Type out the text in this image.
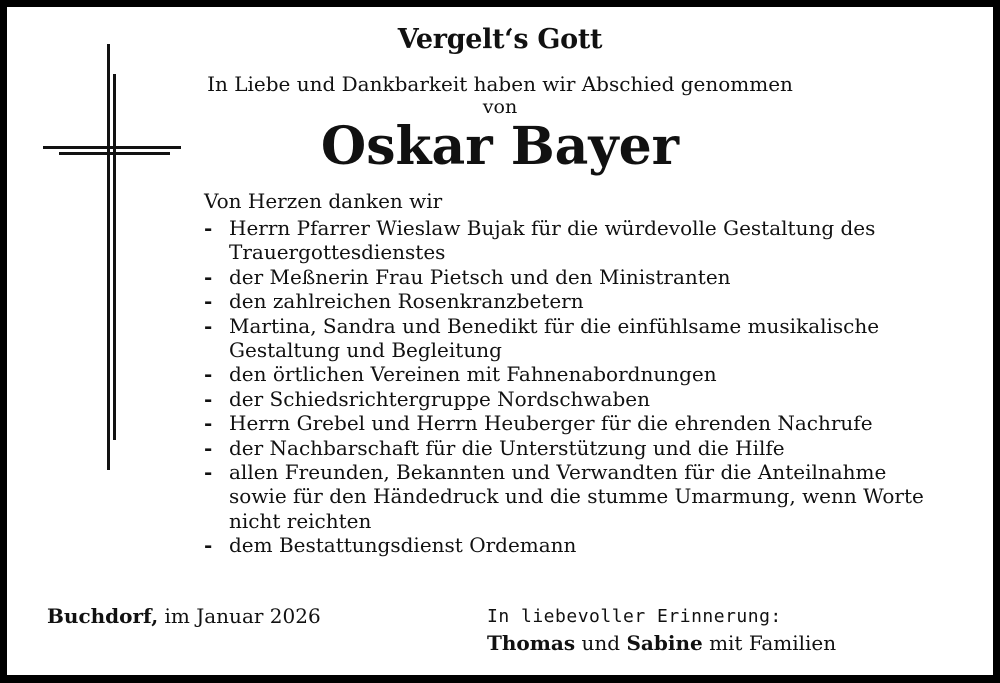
Vergelt‘s Gott
In Liebe und Dankbarkeit haben wir Abschied genommen
von
Oskar Bayer
Von Herzen danken wir
- Herrn Pfarrer Wieslaw Bujak für die würdevolle Gestaltung des Trauergottesdienstes
- der Meßnerin Frau Pietsch und den Ministranten
- den zahlreichen Rosenkranzbetern
- Martina, Sandra und Benedikt für die einfühlsame musikalische Gestaltung und Begleitung
- den örtlichen Vereinen mit Fahnenabordnungen
- der Schiedsrichtergruppe Nordschwaben
- Herrn Grebel und Herrn Heuberger für die ehrenden Nachrufe
- der Nachbarschaft für die Unterstützung und die Hilfe
- allen Freunden, Bekannten und Verwandten für die Anteilnahme sowie für den Händedruck und die stumme Umarmung, wenn Worte nicht reichten
- dem Bestattungsdienst Ordemann
Buchdorf, im Januar 2026	In liebevoller Erinnerung:
Thomas und Sabine mit Familien
